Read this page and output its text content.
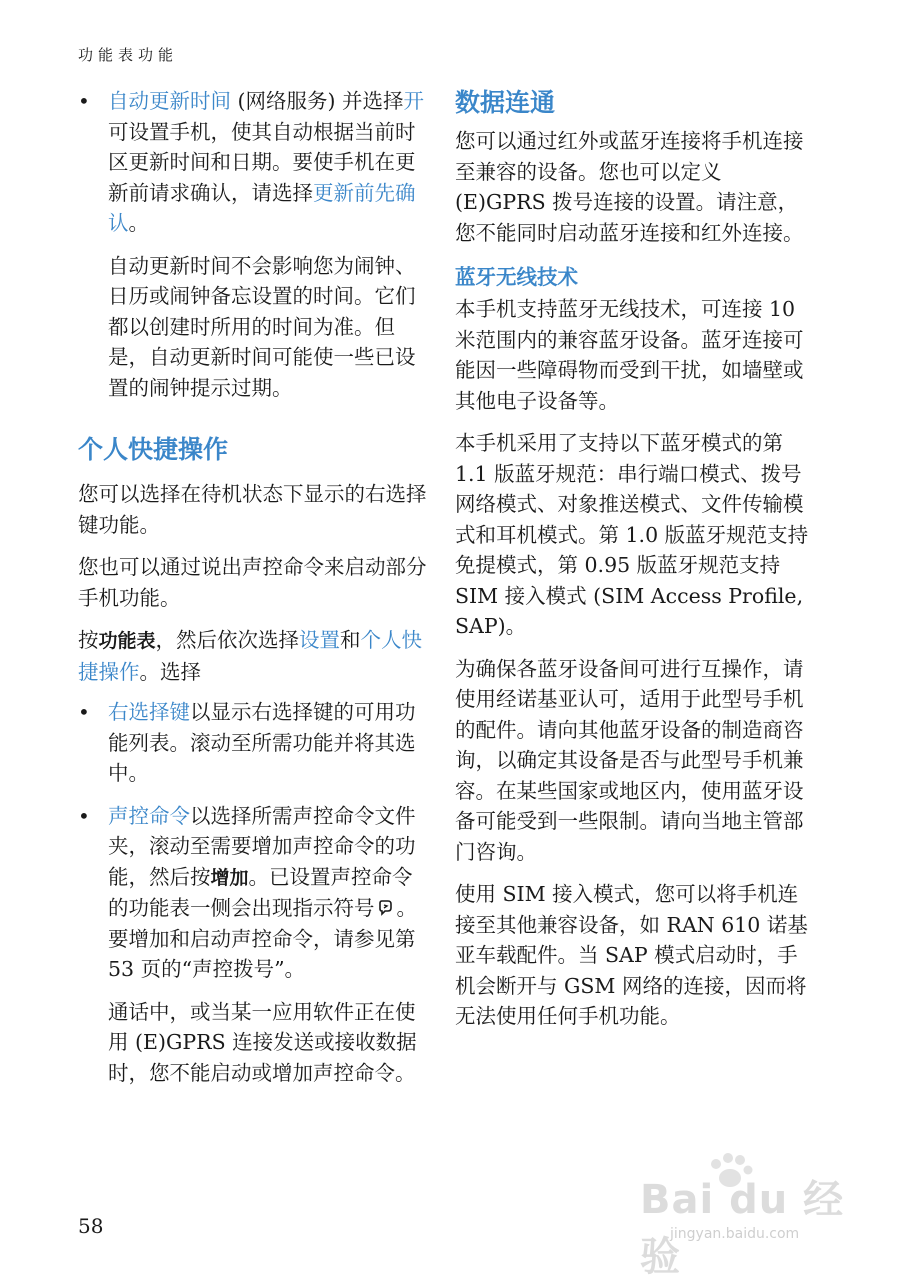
功能表功能

• 自动更新时间 (网络服务) 并选择开可设置手机，使其自动根据当前时区更新时间和日期。要使手机在更新前请求确认，请选择更新前先确认。

自动更新时间不会影响您为闹钟、日历或闹钟备忘设置的时间。它们都以创建时所用的时间为准。但是，自动更新时间可能使一些已设置的闹钟提示过期。

个人快捷操作

您可以选择在待机状态下显示的右选择键功能。

您也可以通过说出声控命令来启动部分手机功能。

按功能表，然后依次选择设置和个人快捷操作。选择

• 右选择键以显示右选择键的可用功能列表。滚动至所需功能并将其选中。

• 声控命令以选择所需声控命令文件夹，滚动至需要增加声控命令的功能，然后按增加。已设置声控命令的功能表一侧会出现指示符号 。要增加和启动声控命令，请参见第 53 页的“声控拨号”。

通话中，或当某一应用软件正在使用 (E)GPRS 连接发送或接收数据时，您不能启动或增加声控命令。

数据连通

您可以通过红外或蓝牙连接将手机连接至兼容的设备。您也可以定义 (E)GPRS 拨号连接的设置。请注意，您不能同时启动蓝牙连接和红外连接。

蓝牙无线技术

本手机支持蓝牙无线技术，可连接 10 米范围内的兼容蓝牙设备。蓝牙连接可能因一些障碍物而受到干扰，如墙壁或其他电子设备等。

本手机采用了支持以下蓝牙模式的第 1.1 版蓝牙规范：串行端口模式、拨号网络模式、对象推送模式、文件传输模式和耳机模式。第 1.0 版蓝牙规范支持免提模式，第 0.95 版蓝牙规范支持 SIM 接入模式 (SIM Access Profile, SAP)。

为确保各蓝牙设备间可进行互操作，请使用经诺基亚认可，适用于此型号手机的配件。请向其他蓝牙设备的制造商咨询，以确定其设备是否与此型号手机兼容。在某些国家或地区内，使用蓝牙设备可能受到一些限制。请向当地主管部门咨询。

使用 SIM 接入模式，您可以将手机连接至其他兼容设备，如 RAN 610 诺基亚车载配件。当 SAP 模式启动时，手机会断开与 GSM 网络的连接，因而将无法使用任何手机功能。

58
Bai du 经验
jingyan.baidu.com
